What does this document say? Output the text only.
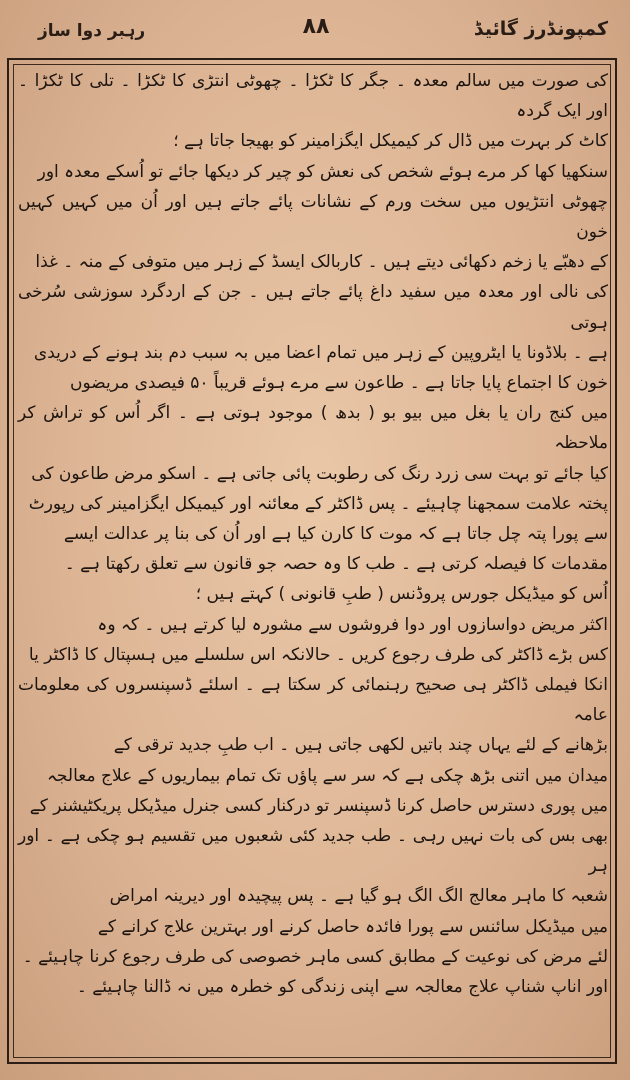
کمپونڈرز گائیڈ
۸۸
رہبر دوا ساز

کی صورت میں سالم معدہ ۔ جگر کا ٹکڑا ۔ چھوٹی انتڑی کا ٹکڑا ۔ تلی کا ٹکڑا ۔ اور ایک گردہ

کاٹ کر بہرت میں ڈال کر کیمیکل ایگزامینر کو بھیجا جاتا ہے ؛

سنکھیا کھا کر مرے ہوئے شخص کی نعش کو چیر کر دیکھا جائے تو اُسکے معدہ اور

چھوٹی انتڑیوں میں سخت ورم کے نشانات پائے جاتے ہیں اور اُن میں کہیں کہیں خون

کے دھبّے یا زخم دکھائی دیتے ہیں ۔ کاربالک ایسڈ کے زہر میں متوفی کے منہ ۔ غذا

کی نالی اور معدہ میں سفید داغ پائے جاتے ہیں ۔ جن کے اردگرد سوزشی سُرخی ہوتی

ہے ۔ بلاڈونا یا ایٹروپین کے زہر میں تمام اعضا میں بہ سبب دم بند ہونے کے دریدی

خون کا اجتماع پایا جاتا ہے ۔ طاعون سے مرے ہوئے قریباً ۵۰ فیصدی مریضوں

میں کنج ران یا بغل میں بیو بو ( بدھ ) موجود ہوتی ہے ۔ اگر اُس کو تراش کر ملاحظہ

کیا جائے تو بہت سی زرد رنگ کی رطوبت پائی جاتی ہے ۔ اسکو مرض طاعون کی

پختہ علامت سمجھنا چاہیئے ۔ پس ڈاکٹر کے معائنہ اور کیمیکل ایگزامینر کی رپورٹ

سے پورا پتہ چل جاتا ہے کہ موت کا کارن کیا ہے اور اُن کی بنا پر عدالت ایسے

مقدمات کا فیصلہ کرتی ہے ۔ طب کا وہ حصہ جو قانون سے تعلق رکھتا ہے ۔

اُس کو میڈیکل جورس پروڈنس ( طبِ قانونی ) کہتے ہیں ؛

اکثر مریض دواسازوں اور دوا فروشوں سے مشورہ لیا کرتے ہیں ۔ کہ وہ

کس بڑے ڈاکٹر کی طرف رجوع کریں ۔ حالانکہ اس سلسلے میں ہسپتال کا ڈاکٹر یا

انکا فیملی ڈاکٹر ہی صحیح رہنمائی کر سکتا ہے ۔ اسلئے ڈسپنسروں کی معلومات عامہ

بڑھانے کے لئے یہاں چند باتیں لکھی جاتی ہیں ۔ اب طبِ جدید ترقی کے

میدان میں اتنی بڑھ چکی ہے کہ سر سے پاؤں تک تمام بیماریوں کے علاج معالجہ

میں پوری دسترس حاصل کرنا ڈسپنسر تو درکنار کسی جنرل میڈیکل پریکٹیشنر کے

بھی بس کی بات نہیں رہی ۔ طب جدید کئی شعبوں میں تقسیم ہو چکی ہے ۔ اور ہر

شعبہ کا ماہر معالج الگ الگ ہو گیا ہے ۔ پس پیچیدہ اور دیرینہ امراض

میں میڈیکل سائنس سے پورا فائدہ حاصل کرنے اور بہترین علاج کرانے کے

لئے مرض کی نوعیت کے مطابق کسی ماہر خصوصی کی طرف رجوع کرنا چاہیئے ۔

اور اناپ شناپ علاج معالجہ سے اپنی زندگی کو خطرہ میں نہ ڈالنا چاہیئے ۔
